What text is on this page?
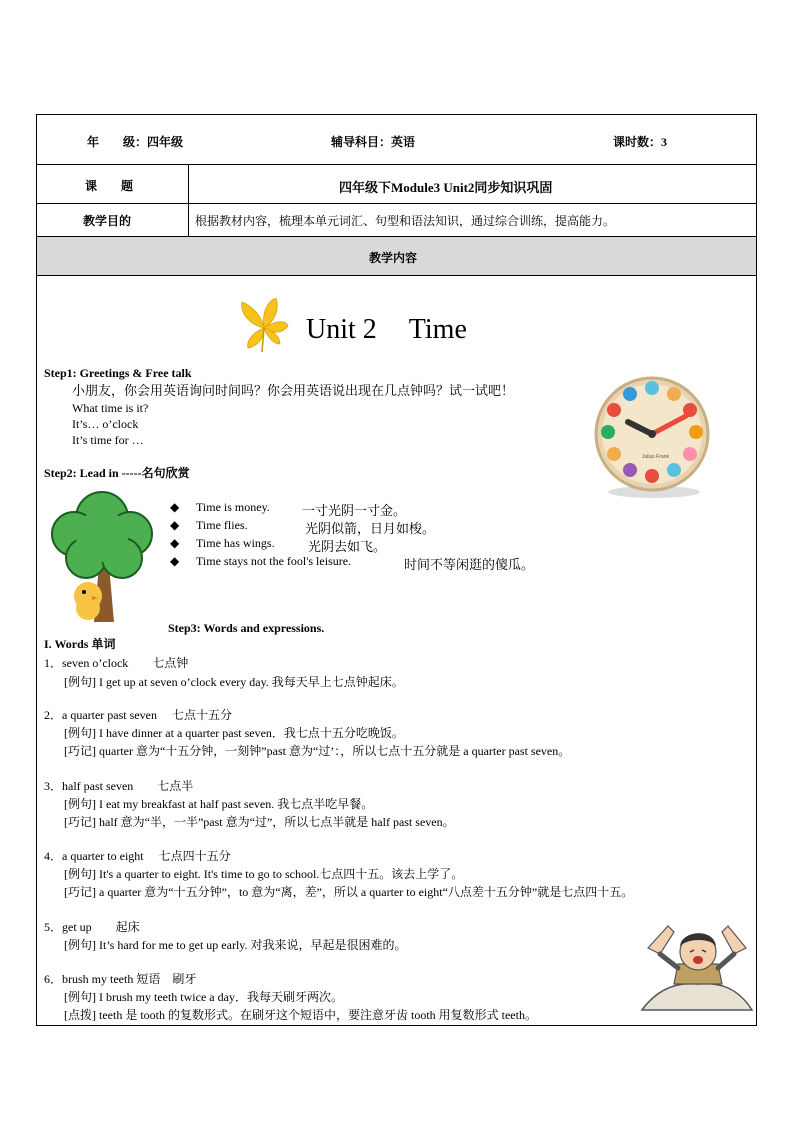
年　　级：四年级	辅导科目：英语	课时数：3
课　　题	四年级下Module3 Unit2同步知识巩固
教学目的	根据教材内容，梳理本单元词汇、句型和语法知识，通过综合训练，提高能力。
教学内容
Unit 2 Time
Step1: Greetings & Free talk
小朋友，你会用英语询问时间吗？你会用英语说出现在几点钟吗？试一试吧！
What time is it?
It’s… o’clock
It’s time for …
Julius Frank
Step2: Lead in -----名句欣赏
◆ Time is money. 一寸光阴一寸金。
◆ Time flies.	光阴似箭，日月如梭。
◆ Time has wings.	光阴去如飞。
◆ Time stays not the fool's leisure.	时间不等闲逛的傻瓜。
Step3: Words and expressions.
I. Words 单词
1．seven o’clock　　七点钟
[例句] I get up at seven o’clock every day. 我每天早上七点钟起床。
2．a quarter past seven　 七点十五分
[例句] I have dinner at a quarter past seven．我七点十五分吃晚饭。
[巧记] quarter 意为“十五分钟，一刻钟”past 意为“过’：，所以七点十五分就是 a quarter past seven。
3．half past seven　　七点半
[例句] I eat my breakfast at half past seven. 我七点半吃早餐。
[巧记] half 意为“半，一半”past 意为“过”，所以七点半就是 half past seven。
4．a quarter to eight　 七点四十五分
[例句] It's a quarter to eight. It's time to go to school.七点四十五。该去上学了。
[巧记] a quarter 意为“十五分钟”，to 意为“离，差”，所以 a quarter to eight“八点差十五分钟”就是七点四十五。
5．get up　　起床
[例句] It’s hard for me to get up early. 对我来说，早起是很困难的。
6．brush my teeth 短语　刷牙
[例句] I brush my teeth twice a day．我每天刷牙两次。
[点拨] teeth 是 tooth 的复数形式。在刷牙这个短语中，要注意牙齿 tooth 用复数形式 teeth。
